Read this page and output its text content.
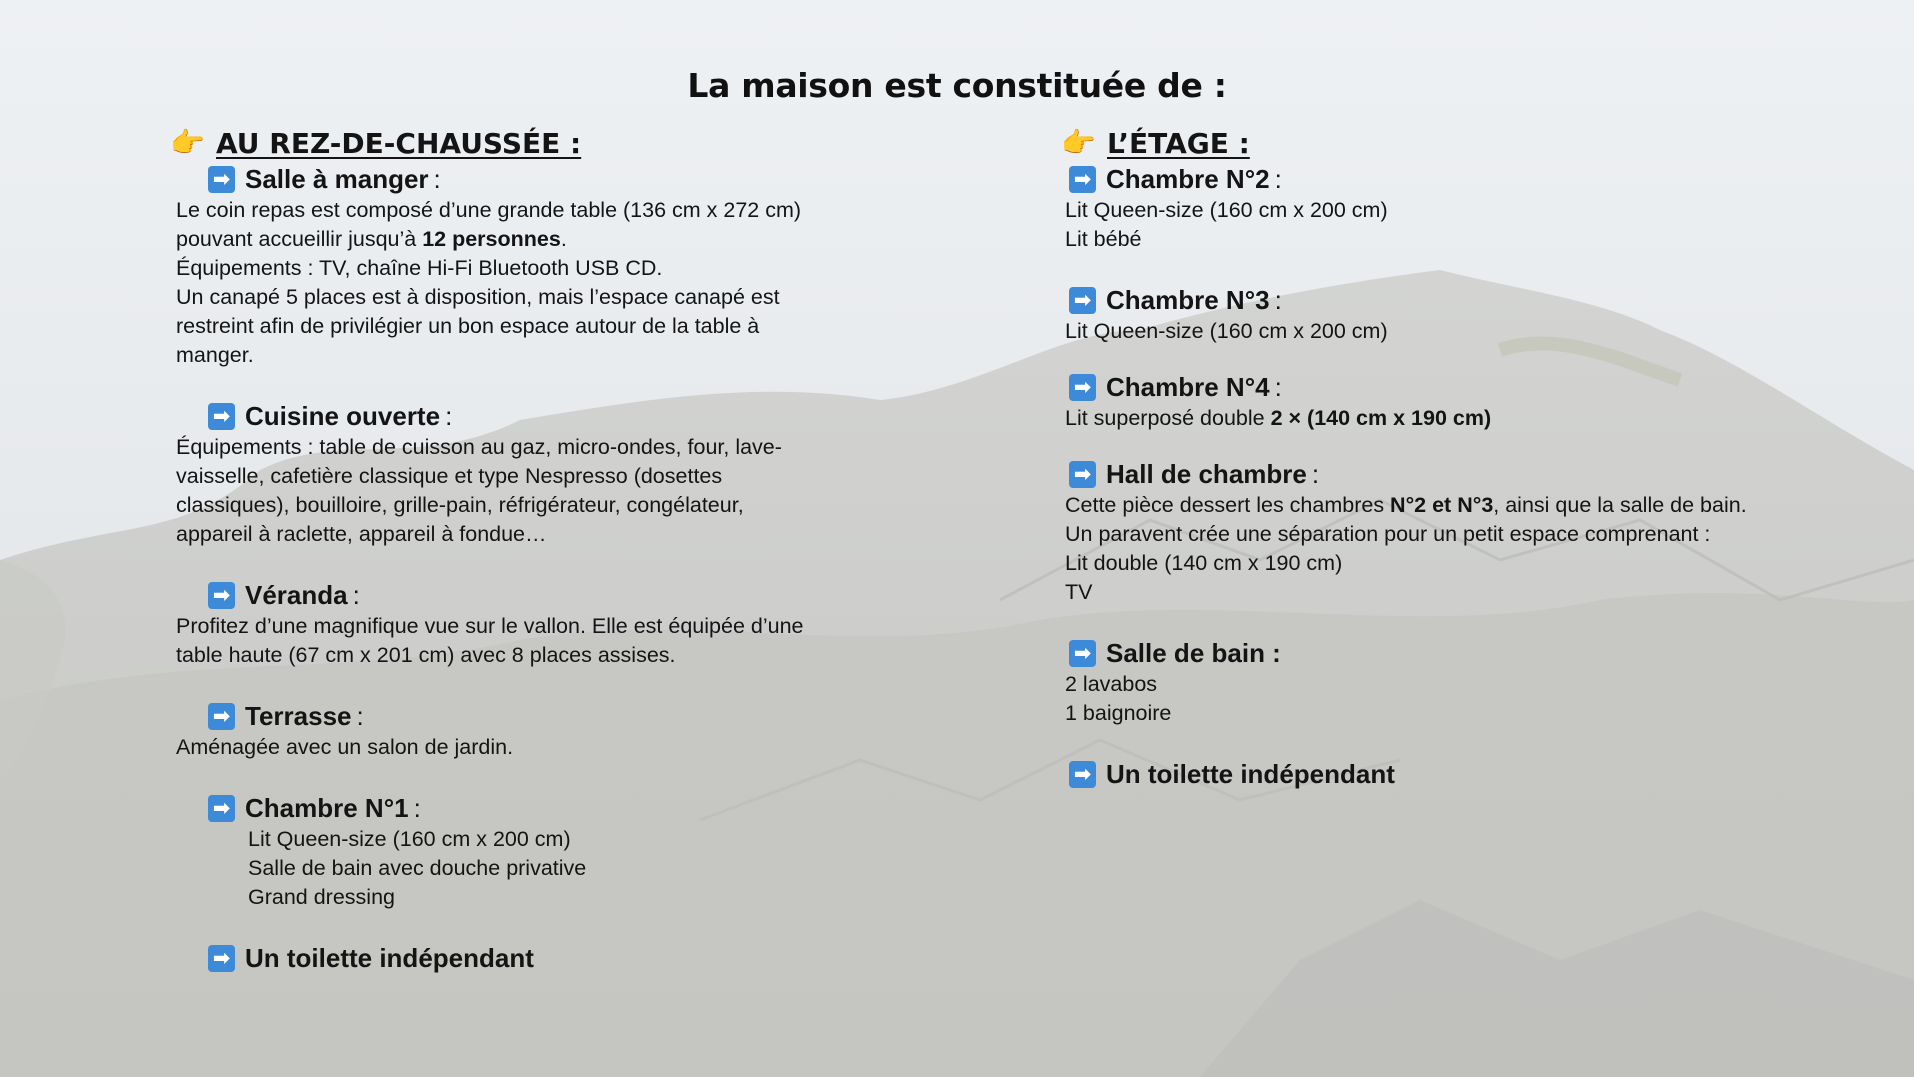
La maison est constituée de :
👉 AU REZ-DE-CHAUSSÉE :
➡ Salle à manger :

Le coin repas est composé d’une grande table (136 cm x 272 cm)

pouvant accueillir jusqu’à 12 personnes.

Équipements : TV, chaîne Hi-Fi Bluetooth USB CD.

Un canapé 5 places est à disposition, mais l’espace canapé est

restreint afin de privilégier un bon espace autour de la table à

manger.

➡ Cuisine ouverte :

Équipements : table de cuisson au gaz, micro-ondes, four, lave-

vaisselle, cafetière classique et type Nespresso (dosettes

classiques), bouilloire, grille-pain, réfrigérateur, congélateur,

appareil à raclette, appareil à fondue…

➡ Véranda :

Profitez d’une magnifique vue sur le vallon. Elle est équipée d’une

table haute (67 cm x 201 cm) avec 8 places assises.

➡ Terrasse :

Aménagée avec un salon de jardin.

➡ Chambre N°1 :

Lit Queen-size (160 cm x 200 cm)

Salle de bain avec douche privative

Grand dressing

➡ Un toilette indépendant
👉 L’ÉTAGE :
➡ Chambre N°2 :

Lit Queen-size (160 cm x 200 cm)

Lit bébé

➡ Chambre N°3 :

Lit Queen-size (160 cm x 200 cm)

➡ Chambre N°4 :

Lit superposé double 2 × (140 cm x 190 cm)

➡ Hall de chambre :

Cette pièce dessert les chambres N°2 et N°3, ainsi que la salle de bain.

Un paravent crée une séparation pour un petit espace comprenant :

Lit double (140 cm x 190 cm)

TV

➡ Salle de bain :

2 lavabos

1 baignoire

➡ Un toilette indépendant
